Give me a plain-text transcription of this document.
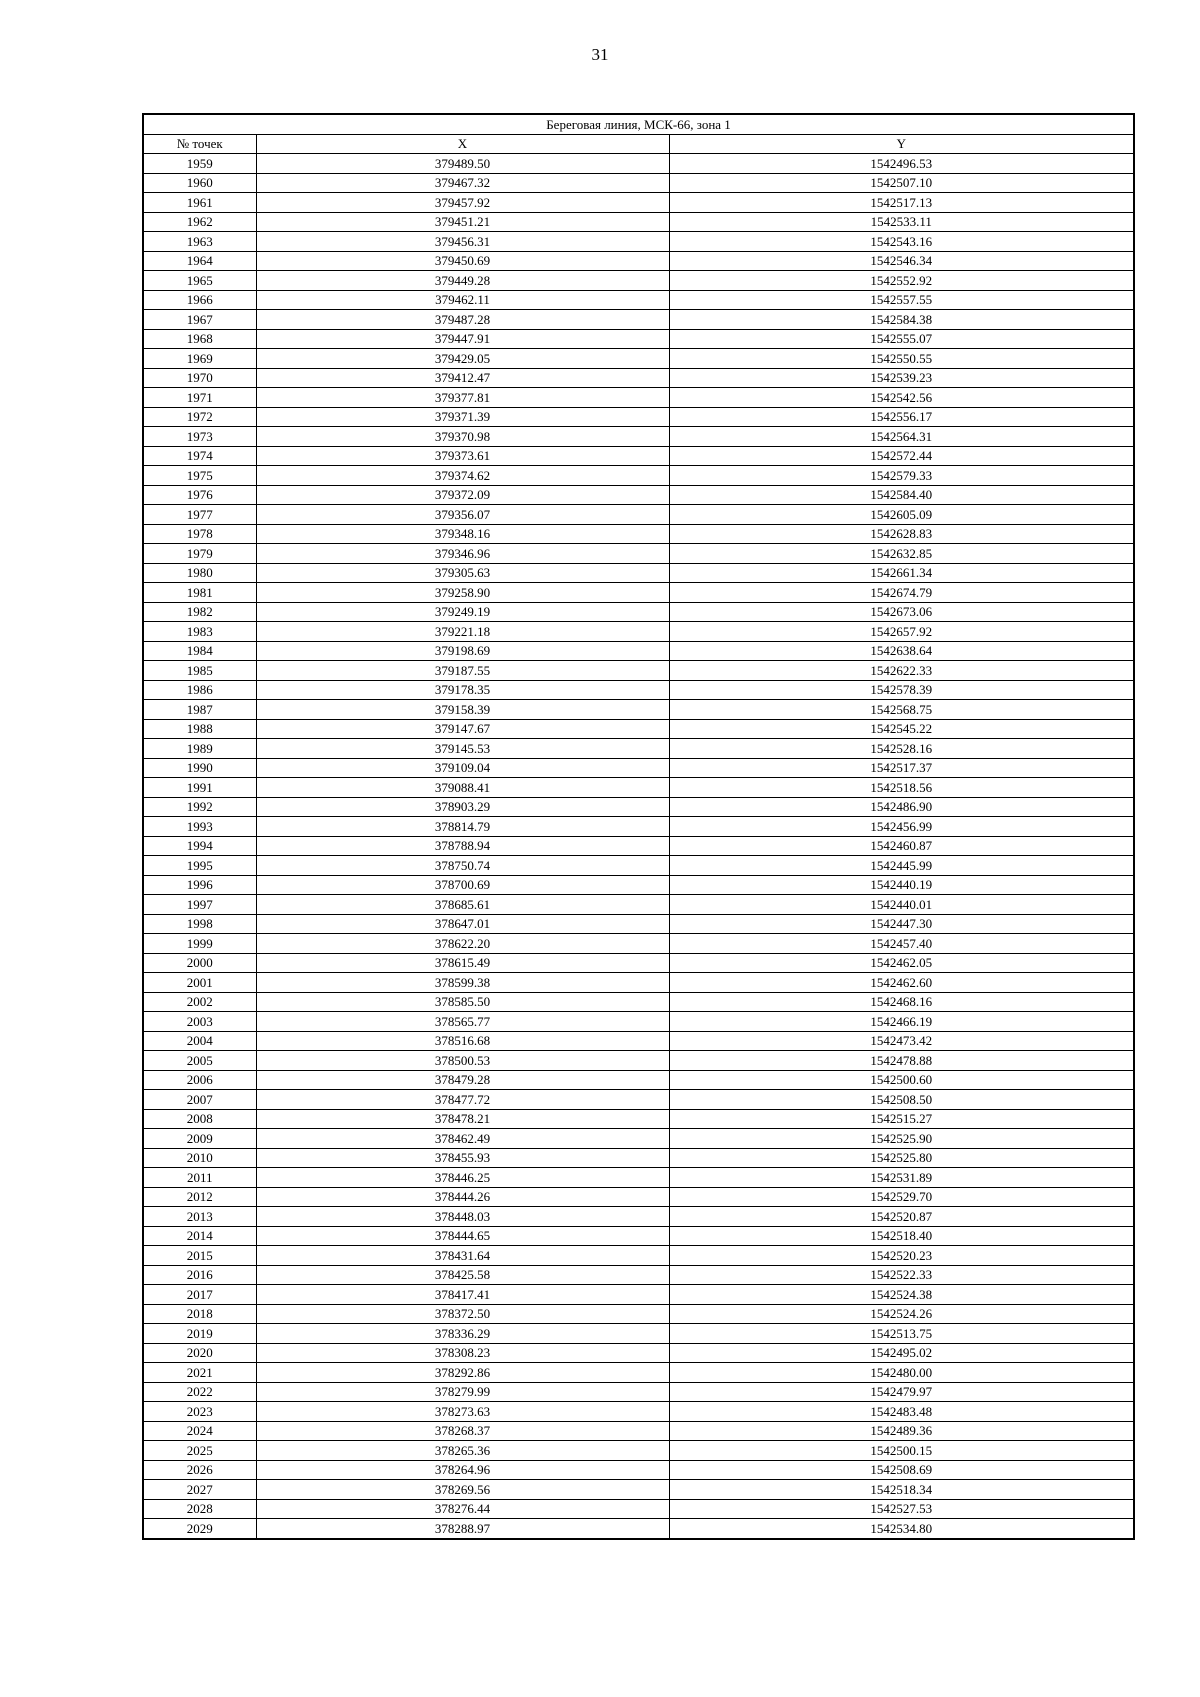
31
Береговая линия, МСК-66, зона 1		
№ точек	X	Y
1959	379489.50	1542496.53
1960	379467.32	1542507.10
1961	379457.92	1542517.13
1962	379451.21	1542533.11
1963	379456.31	1542543.16
1964	379450.69	1542546.34
1965	379449.28	1542552.92
1966	379462.11	1542557.55
1967	379487.28	1542584.38
1968	379447.91	1542555.07
1969	379429.05	1542550.55
1970	379412.47	1542539.23
1971	379377.81	1542542.56
1972	379371.39	1542556.17
1973	379370.98	1542564.31
1974	379373.61	1542572.44
1975	379374.62	1542579.33
1976	379372.09	1542584.40
1977	379356.07	1542605.09
1978	379348.16	1542628.83
1979	379346.96	1542632.85
1980	379305.63	1542661.34
1981	379258.90	1542674.79
1982	379249.19	1542673.06
1983	379221.18	1542657.92
1984	379198.69	1542638.64
1985	379187.55	1542622.33
1986	379178.35	1542578.39
1987	379158.39	1542568.75
1988	379147.67	1542545.22
1989	379145.53	1542528.16
1990	379109.04	1542517.37
1991	379088.41	1542518.56
1992	378903.29	1542486.90
1993	378814.79	1542456.99
1994	378788.94	1542460.87
1995	378750.74	1542445.99
1996	378700.69	1542440.19
1997	378685.61	1542440.01
1998	378647.01	1542447.30
1999	378622.20	1542457.40
2000	378615.49	1542462.05
2001	378599.38	1542462.60
2002	378585.50	1542468.16
2003	378565.77	1542466.19
2004	378516.68	1542473.42
2005	378500.53	1542478.88
2006	378479.28	1542500.60
2007	378477.72	1542508.50
2008	378478.21	1542515.27
2009	378462.49	1542525.90
2010	378455.93	1542525.80
2011	378446.25	1542531.89
2012	378444.26	1542529.70
2013	378448.03	1542520.87
2014	378444.65	1542518.40
2015	378431.64	1542520.23
2016	378425.58	1542522.33
2017	378417.41	1542524.38
2018	378372.50	1542524.26
2019	378336.29	1542513.75
2020	378308.23	1542495.02
2021	378292.86	1542480.00
2022	378279.99	1542479.97
2023	378273.63	1542483.48
2024	378268.37	1542489.36
2025	378265.36	1542500.15
2026	378264.96	1542508.69
2027	378269.56	1542518.34
2028	378276.44	1542527.53
2029	378288.97	1542534.80
